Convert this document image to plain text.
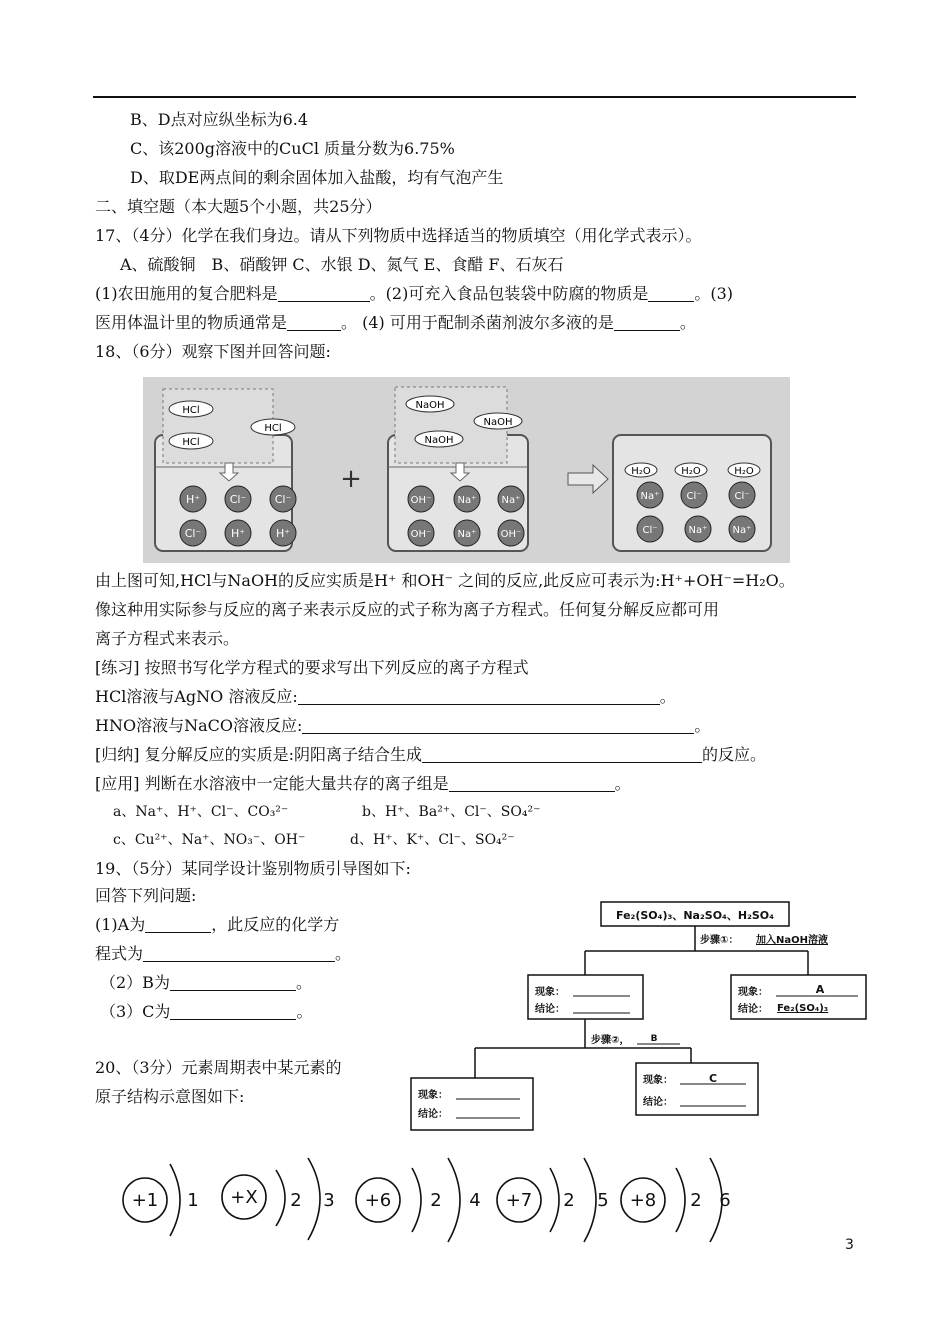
B、D点对应纵坐标为6.4
C、该200g溶液中的CuCl 质量分数为6.75%
D、取DE两点间的剩余固体加入盐酸，均有气泡产生
二、填空题（本大题5个小题，共25分）
17、（4分）化学在我们身边。请从下列物质中选择适当的物质填空（用化学式表示）。
A、硫酸铜　B、硝酸钾 C、水银 D、氮气 E、食醋 F、石灰石
(1)农田施用的复合肥料是	。(2)可充入食品包装袋中防腐的物质是	。(3)
医用体温计里的物质通常是	。 (4) 可用于配制杀菌剂波尔多液的是	。
18、（6分）观察下图并回答问题:
HCl
HCl
HCl
H⁺	Cl⁻	Cl⁻
Cl⁻	H⁺	H⁺
+
NaOH
NaOH
NaOH
OH⁻	Na⁺	Na⁺
OH⁻	Na⁺ OH⁻
H₂O	H₂O	H₂O
Na⁺	Cl⁻	Cl⁻
Cl⁻	Na⁺	Na⁺
由上图可知,HCl与NaOH的反应实质是H⁺ 和OH⁻ 之间的反应,此反应可表示为:H⁺+OH⁻=H₂O。
像这种用实际参与反应的离子来表示反应的式子称为离子方程式。任何复分解反应都可用
离子方程式来表示。
[练习] 按照书写化学方程式的要求写出下列反应的离子方程式
HCl溶液与AgNO 溶液反应:	。
HNO溶液与NaCO溶液反应:	。
[归纳] 复分解反应的实质是:阴阳离子结合生成	的反应。
[应用] 判断在水溶液中一定能大量共存的离子组是	。
a、Na⁺、H⁺、Cl⁻、CO₃²⁻	b、H⁺、Ba²⁺、Cl⁻、SO₄²⁻
c、Cu²⁺、Na⁺、NO₃⁻、OH⁻	d、H⁺、K⁺、Cl⁻、SO₄²⁻
19、（5分）某同学设计鉴别物质引导图如下:
回答下列问题:
(1)A为	，此反应的化学方
程式为	。
（2）B为	。
（3）C为	。
Fe₂(SO₄)₃、Na₂SO₄、H₂SO₄
步骤①： 加入NaOH溶液
现象：
结论：
现象：	A
结论： Fe₂(SO₄)₃
步骤②， B
现象：
结论：
现象：	C
结论：
20、（3分）元素周期表中某元素的
原子结构示意图如下:
+1 1 +X 2 3 +6 2 4 +7 2 5 +8 2 6
3
